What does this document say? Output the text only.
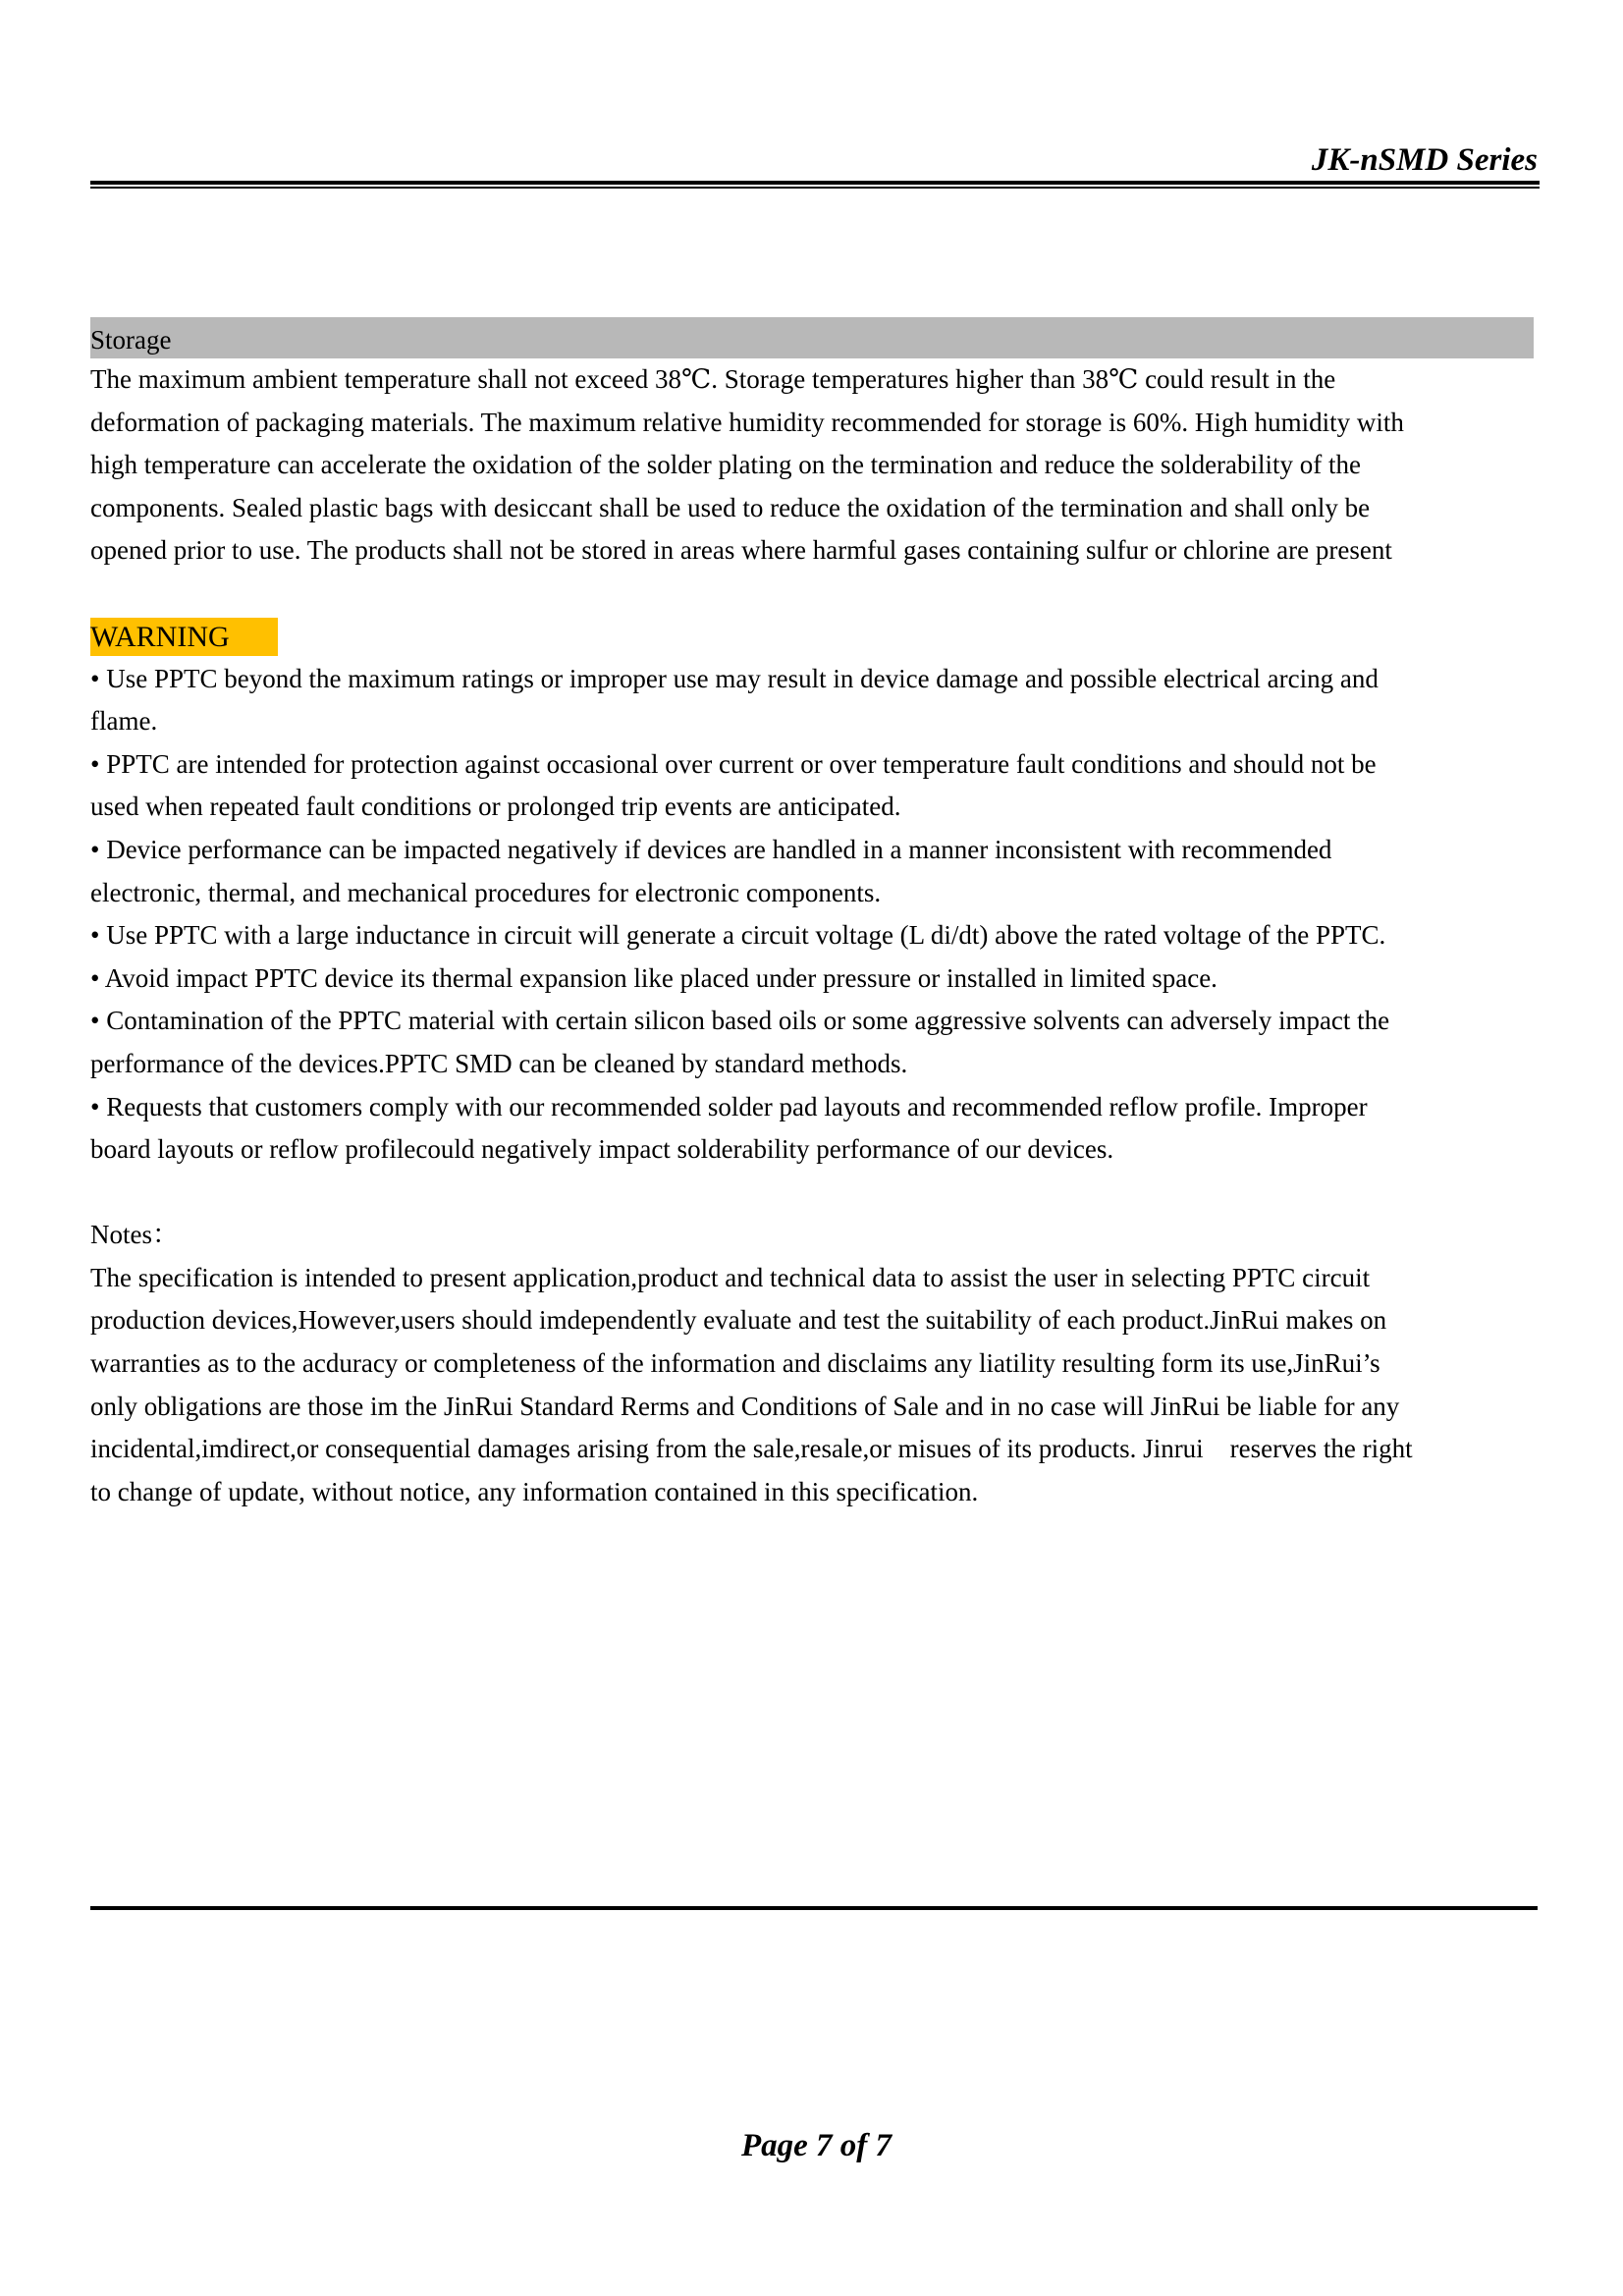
JK-nSMD Series
Storage

The maximum ambient temperature shall not exceed 38℃. Storage temperatures higher than 38℃ could result in the

deformation of packaging materials. The maximum relative humidity recommended for storage is 60%. High humidity with

high temperature can accelerate the oxidation of the solder plating on the termination and reduce the solderability of the

components. Sealed plastic bags with desiccant shall be used to reduce the oxidation of the termination and shall only be

opened prior to use. The products shall not be stored in areas where harmful gases containing sulfur or chlorine are present

WARNING

• Use PPTC beyond the maximum ratings or improper use may result in device damage and possible electrical arcing and

flame.

• PPTC are intended for protection against occasional over current or over temperature fault conditions and should not be

used when repeated fault conditions or prolonged trip events are anticipated.

• Device performance can be impacted negatively if devices are handled in a manner inconsistent with recommended

electronic, thermal, and mechanical procedures for electronic components.

• Use PPTC with a large inductance in circuit will generate a circuit voltage (L di/dt) above the rated voltage of the PPTC.

• Avoid impact PPTC device its thermal expansion like placed under pressure or installed in limited space.

• Contamination of the PPTC material with certain silicon based oils or some aggressive solvents can adversely impact the

performance of the devices.PPTC SMD can be cleaned by standard methods.

• Requests that customers comply with our recommended solder pad layouts and recommended reflow profile. Improper

board layouts or reflow profilecould negatively impact solderability performance of our devices.

Notes：

The specification is intended to present application,product and technical data to assist the user in selecting PPTC circuit

production devices,However,users should imdependently evaluate and test the suitability of each product.JinRui makes on

warranties as to the acduracy or completeness of the information and disclaims any liatility resulting form its use,JinRui’s

only obligations are those im the JinRui Standard Rerms and Conditions of Sale and in no case will JinRui be liable for any

incidental,imdirect,or consequential damages arising from the sale,resale,or misues of its products. Jinrui    reserves the right

to change of update, without notice, any information contained in this specification.

Page 7 of 7
